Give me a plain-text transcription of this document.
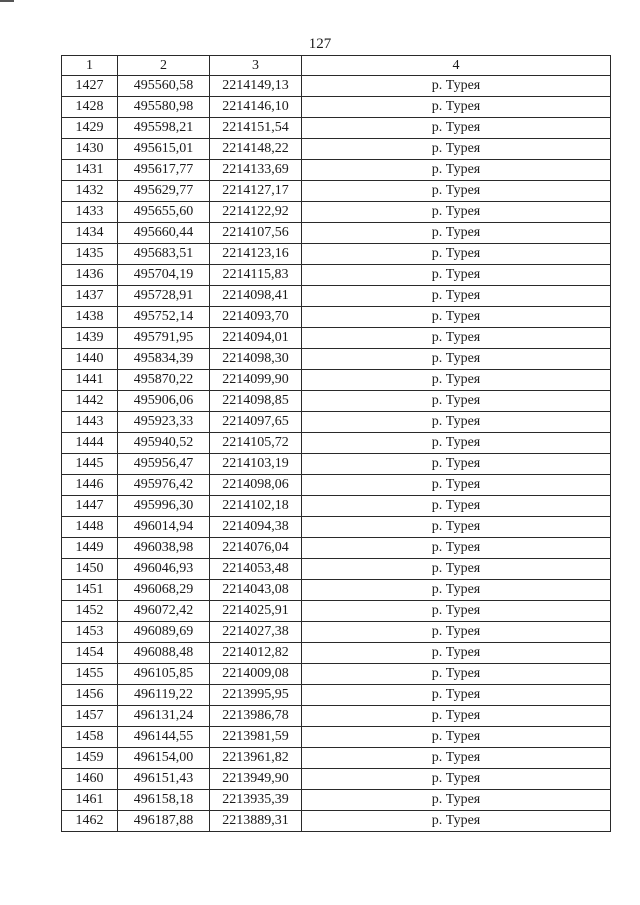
127
1	2	3	4
1427	495560,58	2214149,13	р. Турея
1428	495580,98	2214146,10	р. Турея
1429	495598,21	2214151,54	р. Турея
1430	495615,01	2214148,22	р. Турея
1431	495617,77	2214133,69	р. Турея
1432	495629,77	2214127,17	р. Турея
1433	495655,60	2214122,92	р. Турея
1434	495660,44	2214107,56	р. Турея
1435	495683,51	2214123,16	р. Турея
1436	495704,19	2214115,83	р. Турея
1437	495728,91	2214098,41	р. Турея
1438	495752,14	2214093,70	р. Турея
1439	495791,95	2214094,01	р. Турея
1440	495834,39	2214098,30	р. Турея
1441	495870,22	2214099,90	р. Турея
1442	495906,06	2214098,85	р. Турея
1443	495923,33	2214097,65	р. Турея
1444	495940,52	2214105,72	р. Турея
1445	495956,47	2214103,19	р. Турея
1446	495976,42	2214098,06	р. Турея
1447	495996,30	2214102,18	р. Турея
1448	496014,94	2214094,38	р. Турея
1449	496038,98	2214076,04	р. Турея
1450	496046,93	2214053,48	р. Турея
1451	496068,29	2214043,08	р. Турея
1452	496072,42	2214025,91	р. Турея
1453	496089,69	2214027,38	р. Турея
1454	496088,48	2214012,82	р. Турея
1455	496105,85	2214009,08	р. Турея
1456	496119,22	2213995,95	р. Турея
1457	496131,24	2213986,78	р. Турея
1458	496144,55	2213981,59	р. Турея
1459	496154,00	2213961,82	р. Турея
1460	496151,43	2213949,90	р. Турея
1461	496158,18	2213935,39	р. Турея
1462	496187,88	2213889,31	р. Турея
